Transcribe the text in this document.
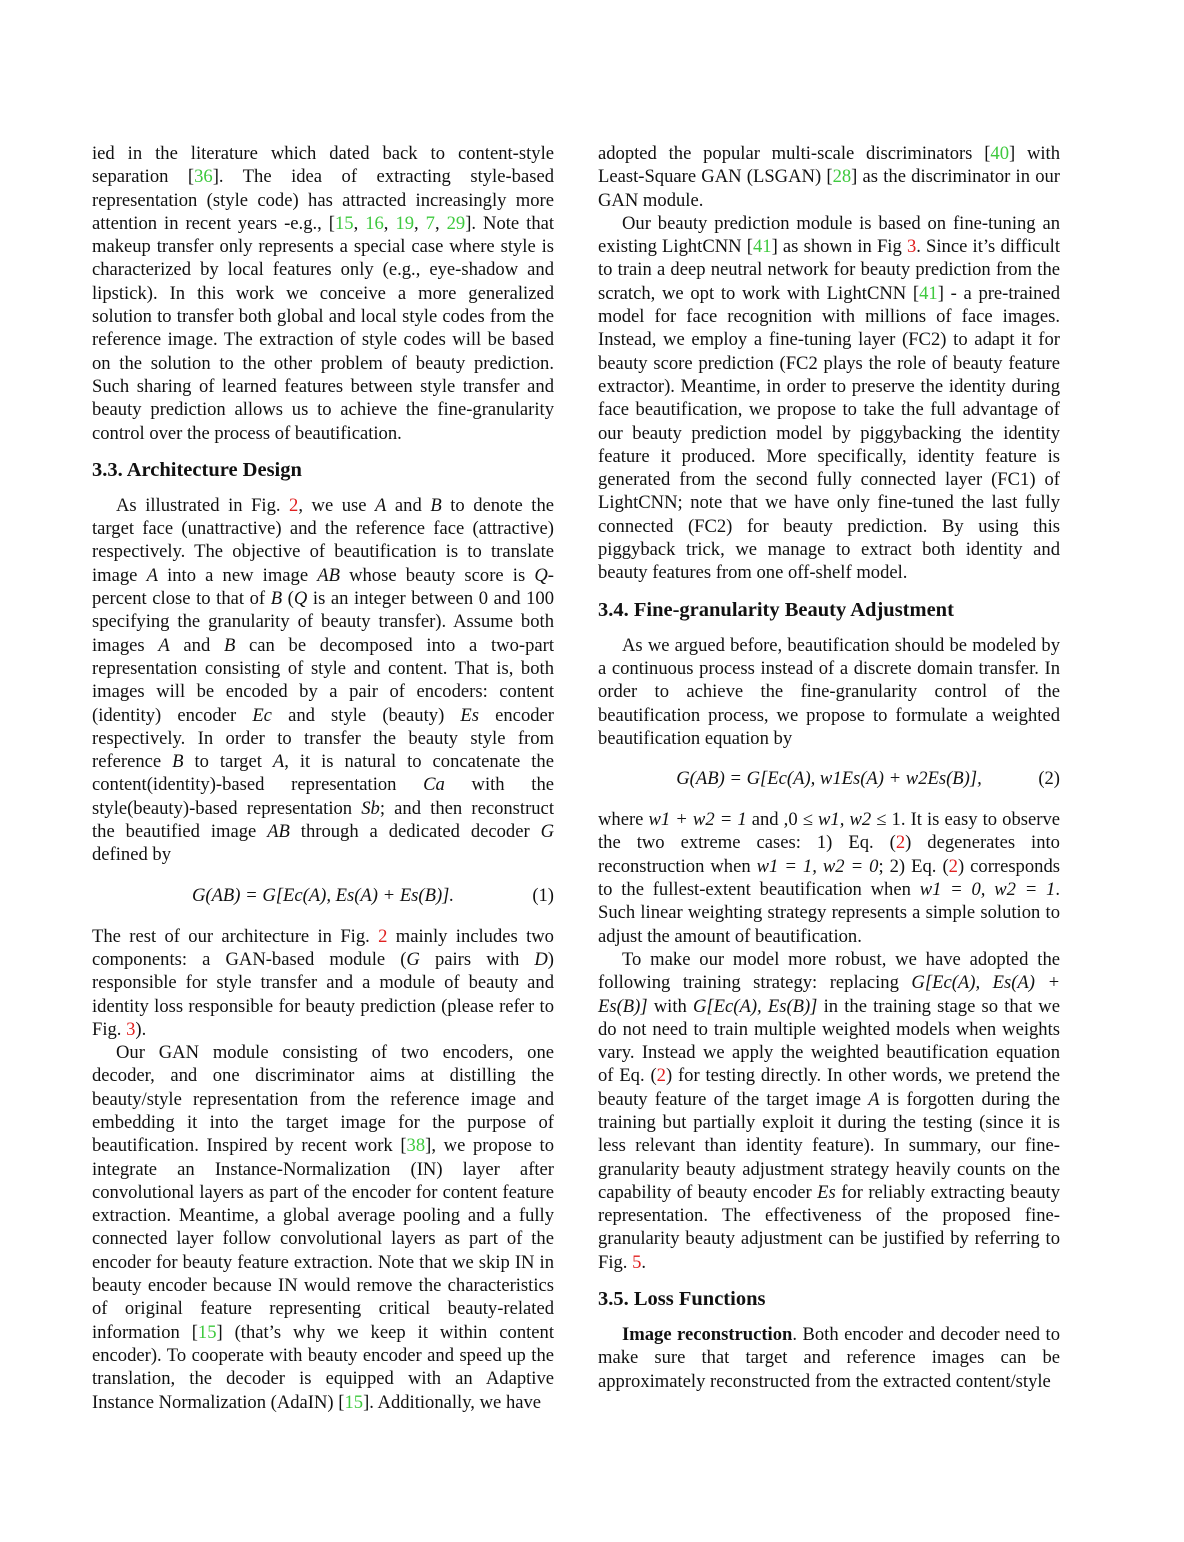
ied in the literature which dated back to content-style separation [36]. The idea of extracting style-based representation (style code) has attracted increasingly more attention in recent years -e.g., [15, 16, 19, 7, 29]. Note that makeup transfer only represents a special case where style is characterized by local features only (e.g., eye-shadow and lipstick). In this work we conceive a more generalized solution to transfer both global and local style codes from the reference image. The extraction of style codes will be based on the solution to the other problem of beauty prediction. Such sharing of learned features between style transfer and beauty prediction allows us to achieve the fine-granularity control over the process of beautification.

3.3. Architecture Design

As illustrated in Fig. 2, we use A and B to denote the target face (unattractive) and the reference face (attractive) respectively. The objective of beautification is to translate image A into a new image AB whose beauty score is Q-percent close to that of B (Q is an integer between 0 and 100 specifying the granularity of beauty transfer). Assume both images A and B can be decomposed into a two-part representation consisting of style and content. That is, both images will be encoded by a pair of encoders: content (identity) encoder Ec and style (beauty) Es encoder respectively. In order to transfer the beauty style from reference B to target A, it is natural to concatenate the content(identity)-based representation Ca with the style(beauty)-based representation Sb; and then reconstruct the beautified image AB through a dedicated decoder G defined by

G(AB) = G[Ec(A), Es(A) + Es(B)].	(1)

The rest of our architecture in Fig. 2 mainly includes two components: a GAN-based module (G pairs with D) responsible for style transfer and a module of beauty and identity loss responsible for beauty prediction (please refer to Fig. 3).

Our GAN module consisting of two encoders, one decoder, and one discriminator aims at distilling the beauty/style representation from the reference image and embedding it into the target image for the purpose of beautification. Inspired by recent work [38], we propose to integrate an Instance-Normalization (IN) layer after convolutional layers as part of the encoder for content feature extraction. Meantime, a global average pooling and a fully connected layer follow convolutional layers as part of the encoder for beauty feature extraction. Note that we skip IN in beauty encoder because IN would remove the characteristics of original feature representing critical beauty-related information [15] (that’s why we keep it within content encoder). To cooperate with beauty encoder and speed up the translation, the decoder is equipped with an Adaptive Instance Normalization (AdaIN) [15]. Additionally, we have

adopted the popular multi-scale discriminators [40] with Least-Square GAN (LSGAN) [28] as the discriminator in our GAN module.

Our beauty prediction module is based on fine-tuning an existing LightCNN [41] as shown in Fig 3. Since it’s difficult to train a deep neutral network for beauty prediction from the scratch, we opt to work with LightCNN [41] - a pre-trained model for face recognition with millions of face images. Instead, we employ a fine-tuning layer (FC2) to adapt it for beauty score prediction (FC2 plays the role of beauty feature extractor). Meantime, in order to preserve the identity during face beautification, we propose to take the full advantage of our beauty prediction model by piggybacking the identity feature it produced. More specifically, identity feature is generated from the second fully connected layer (FC1) of LightCNN; note that we have only fine-tuned the last fully connected (FC2) for beauty prediction. By using this piggyback trick, we manage to extract both identity and beauty features from one off-shelf model.

3.4. Fine-granularity Beauty Adjustment

As we argued before, beautification should be modeled by a continuous process instead of a discrete domain transfer. In order to achieve the fine-granularity control of the beautification process, we propose to formulate a weighted beautification equation by

G(AB) = G[Ec(A), w1Es(A) + w2Es(B)],	(2)

where w1 + w2 = 1 and ,0 ≤ w1, w2 ≤ 1. It is easy to observe the two extreme cases: 1) Eq. (2) degenerates into reconstruction when w1 = 1, w2 = 0; 2) Eq. (2) corresponds to the fullest-extent beautification when w1 = 0, w2 = 1. Such linear weighting strategy represents a simple solution to adjust the amount of beautification.

To make our model more robust, we have adopted the following training strategy: replacing G[Ec(A), Es(A) + Es(B)] with G[Ec(A), Es(B)] in the training stage so that we do not need to train multiple weighted models when weights vary. Instead we apply the weighted beautification equation of Eq. (2) for testing directly. In other words, we pretend the beauty feature of the target image A is forgotten during the training but partially exploit it during the testing (since it is less relevant than identity feature). In summary, our fine-granularity beauty adjustment strategy heavily counts on the capability of beauty encoder Es for reliably extracting beauty representation. The effectiveness of the proposed fine-granularity beauty adjustment can be justified by referring to Fig. 5.

3.5. Loss Functions

Image reconstruction. Both encoder and decoder need to make sure that target and reference images can be approximately reconstructed from the extracted content/style
